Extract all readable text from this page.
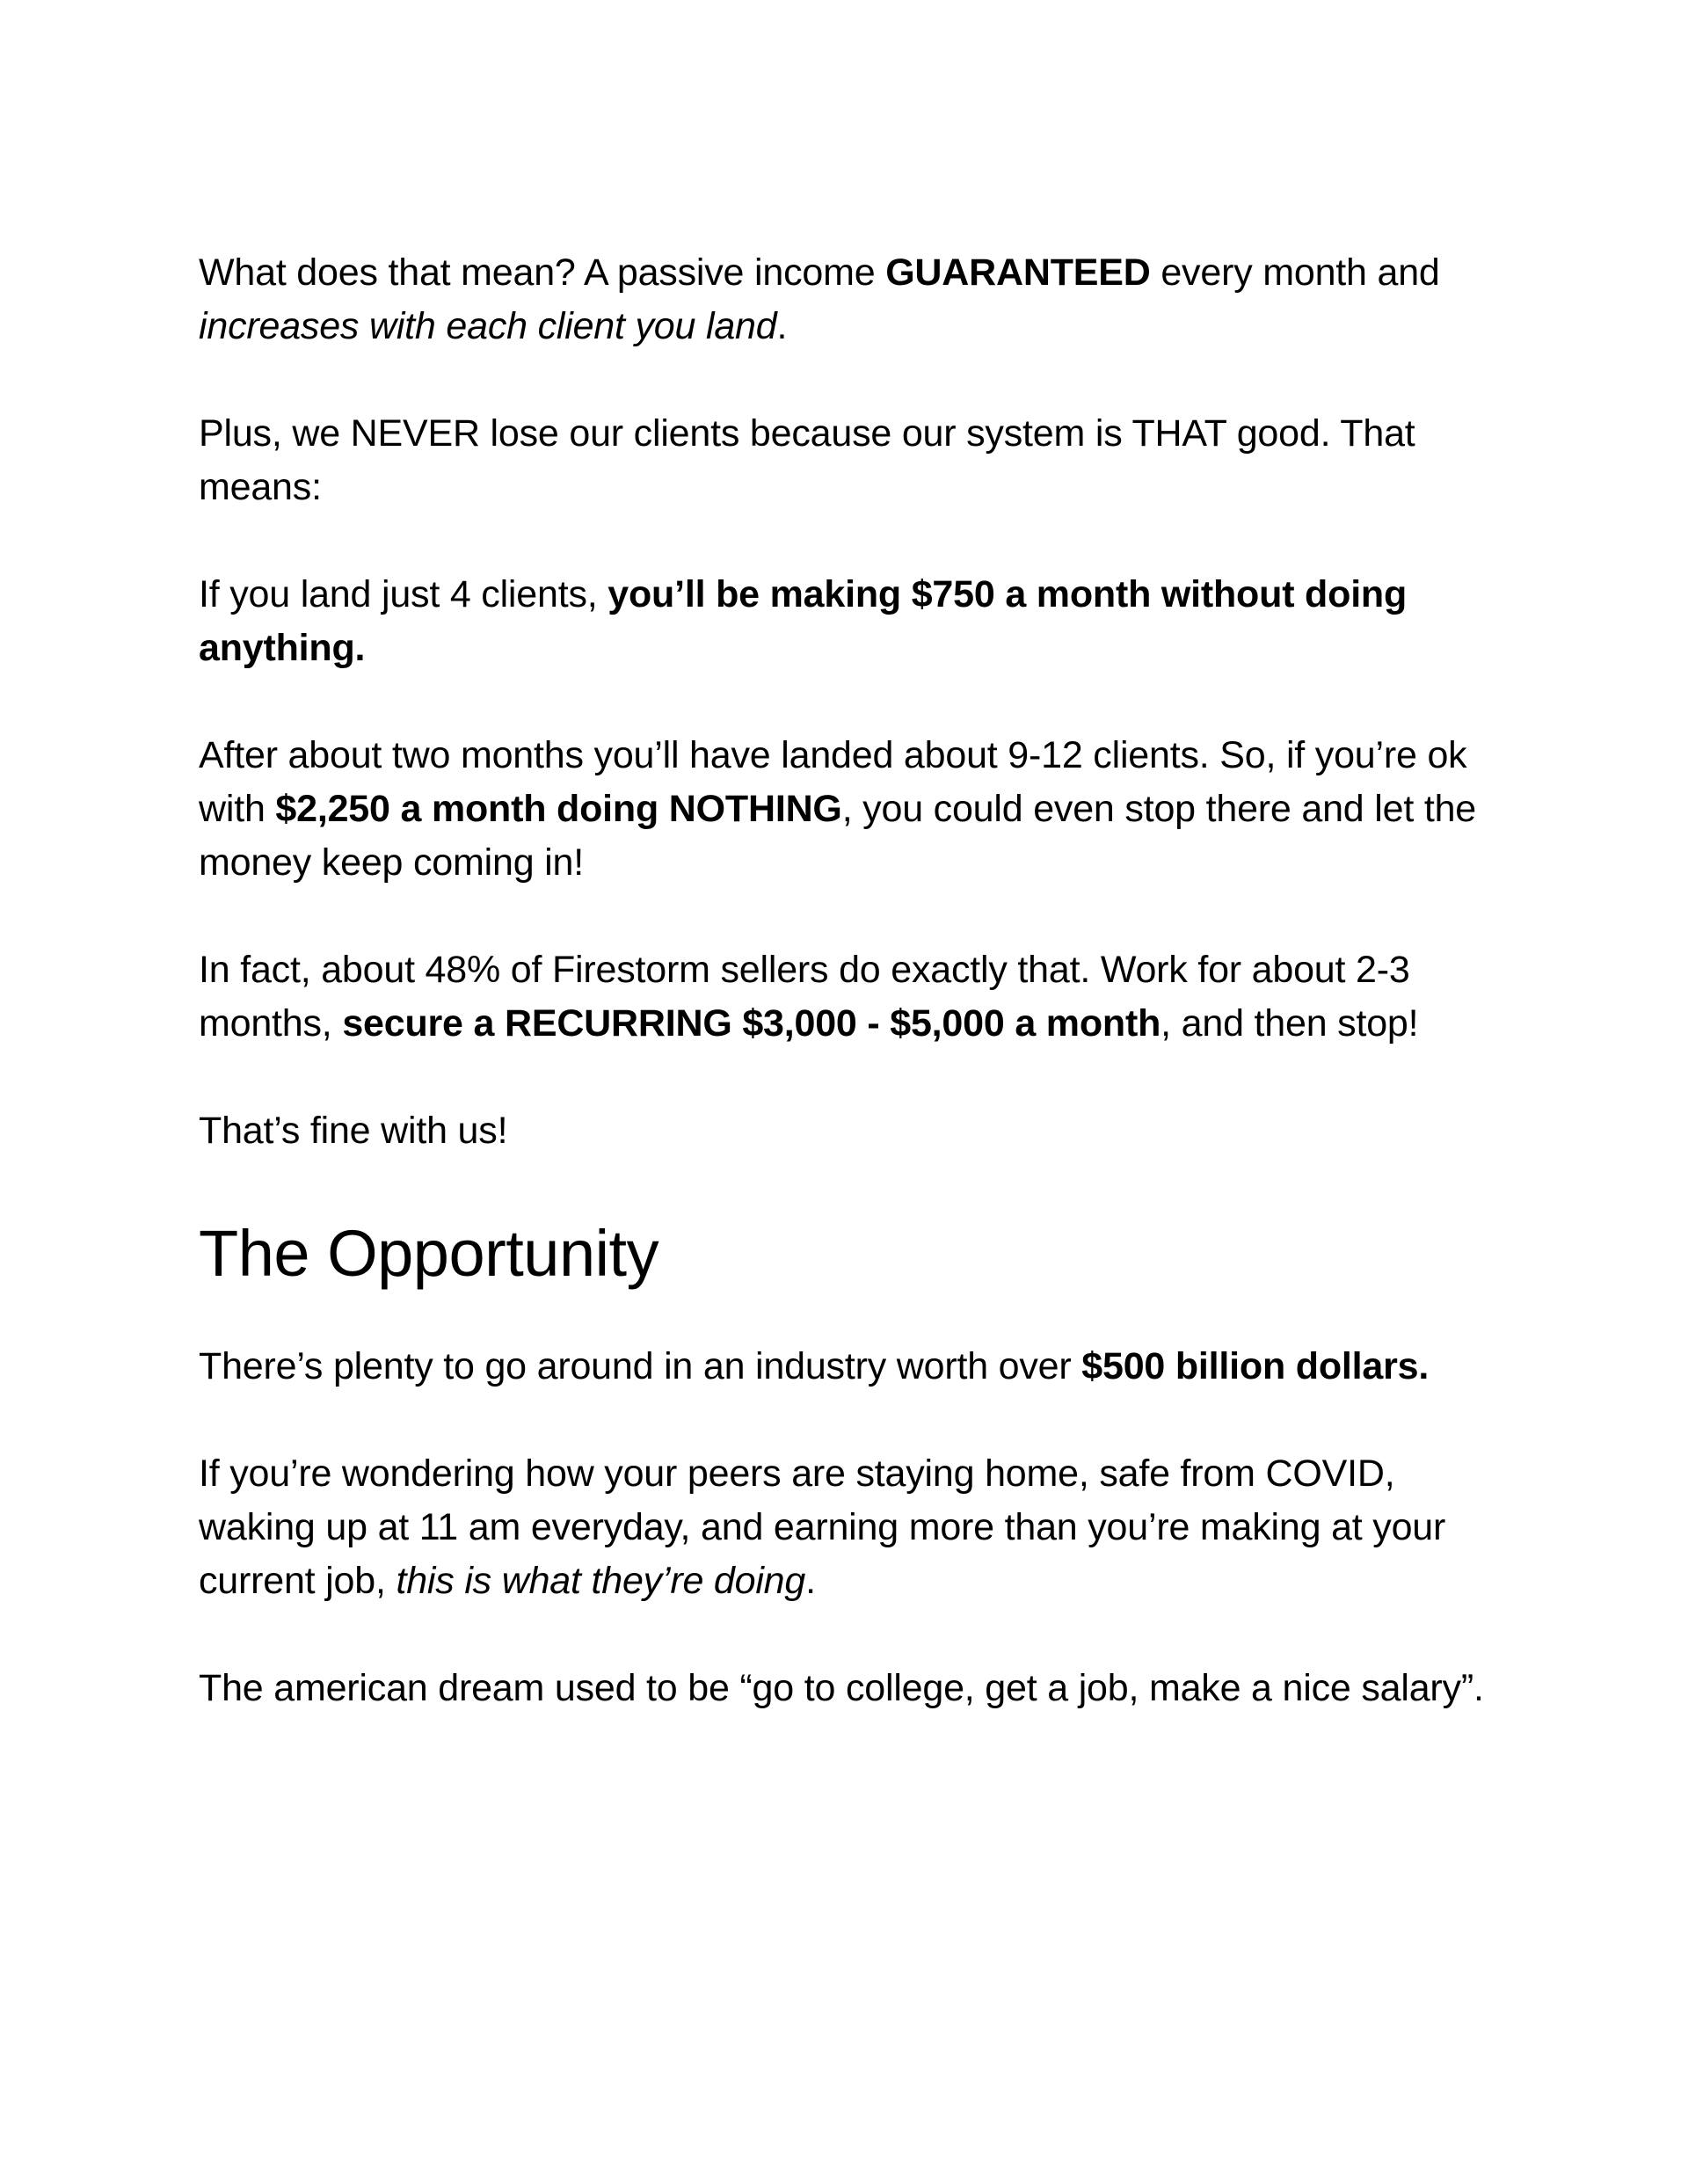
What does that mean? A passive income GUARANTEED every month and
increases with each client you land.

Plus, we NEVER lose our clients because our system is THAT good. That means:

If you land just 4 clients, you’ll be making $750 a month without doing anything.

After about two months you’ll have landed about 9-12 clients. So, if you’re ok with $2,250 a month doing NOTHING, you could even stop there and let the money keep coming in!

In fact, about 48% of Firestorm sellers do exactly that. Work for about 2-3 months, secure a RECURRING $3,000 - $5,000 a month, and then stop!

That’s fine with us!

The Opportunity

There’s plenty to go around in an industry worth over $500 billion dollars.

If you’re wondering how your peers are staying home, safe from COVID, waking up at 11 am everyday, and earning more than you’re making at your current job, this is what they’re doing.

The american dream used to be “go to college, get a job, make a nice salary”.
